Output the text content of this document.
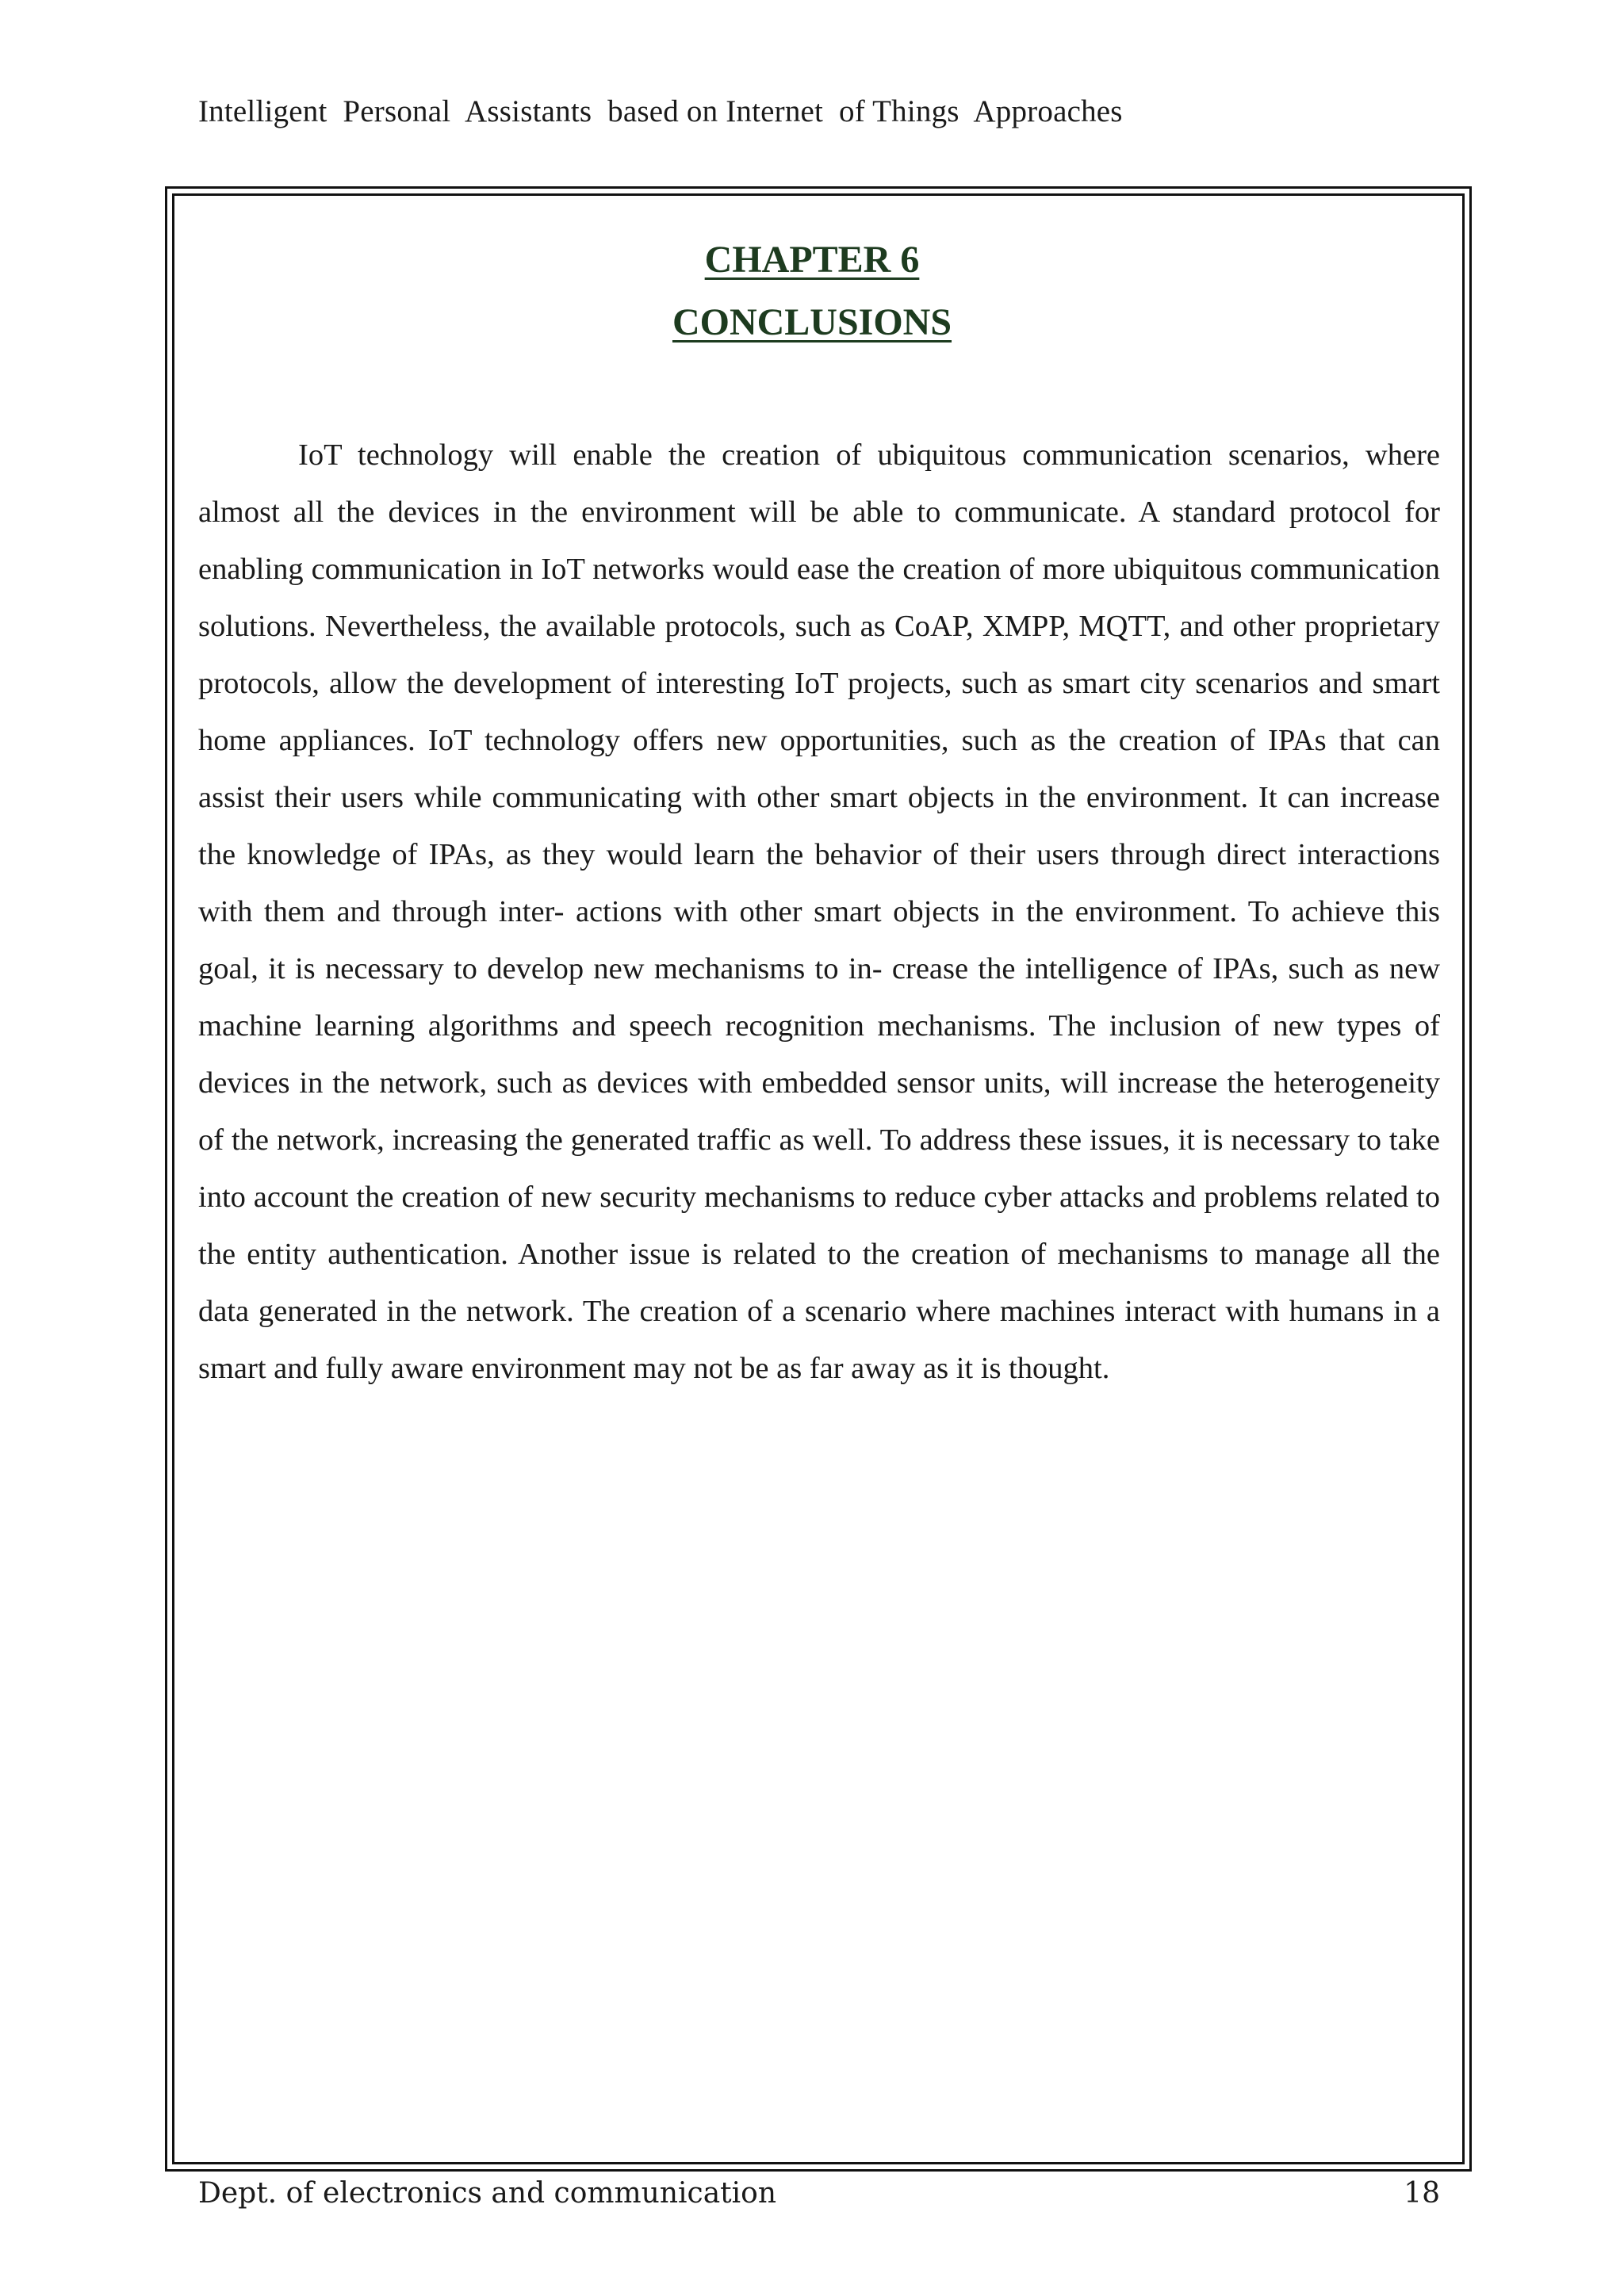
Intelligent  Personal  Assistants  based on Internet  of Things  Approaches
CHAPTER 6
CONCLUSIONS

IoT technology will enable the creation of ubiquitous communication scenarios, where almost all the devices in the environment will be able to communicate. A standard protocol for enabling communication in IoT networks would ease the creation of more ubiquitous communication solutions. Nevertheless, the available protocols, such as CoAP, XMPP, MQTT, and other proprietary protocols, allow the development of interesting IoT projects, such as smart city scenarios and smart home appliances. IoT technology offers new opportunities, such as the creation of IPAs that can assist their users while communicating with other smart objects in the environment. It can increase the knowledge of IPAs, as they would learn the behavior of their users through direct interactions with them and through inter- actions with other smart objects in the environment. To achieve this goal, it is necessary to develop new mechanisms to in- crease the intelligence of IPAs, such as new machine learning algorithms and speech recognition mechanisms. The inclusion of new types of devices in the network, such as devices with embedded sensor units, will increase the heterogeneity of the network, increasing the generated traffic as well. To address these issues, it is necessary to take into account the creation of new security mechanisms to reduce cyber attacks and problems related to the entity authentication. Another issue is related to the creation of mechanisms to manage all the data generated in the network. The creation of a scenario where machines interact with humans in a smart and fully aware environment may not be as far away as it is thought.

Dept. of electronics and communication	18
